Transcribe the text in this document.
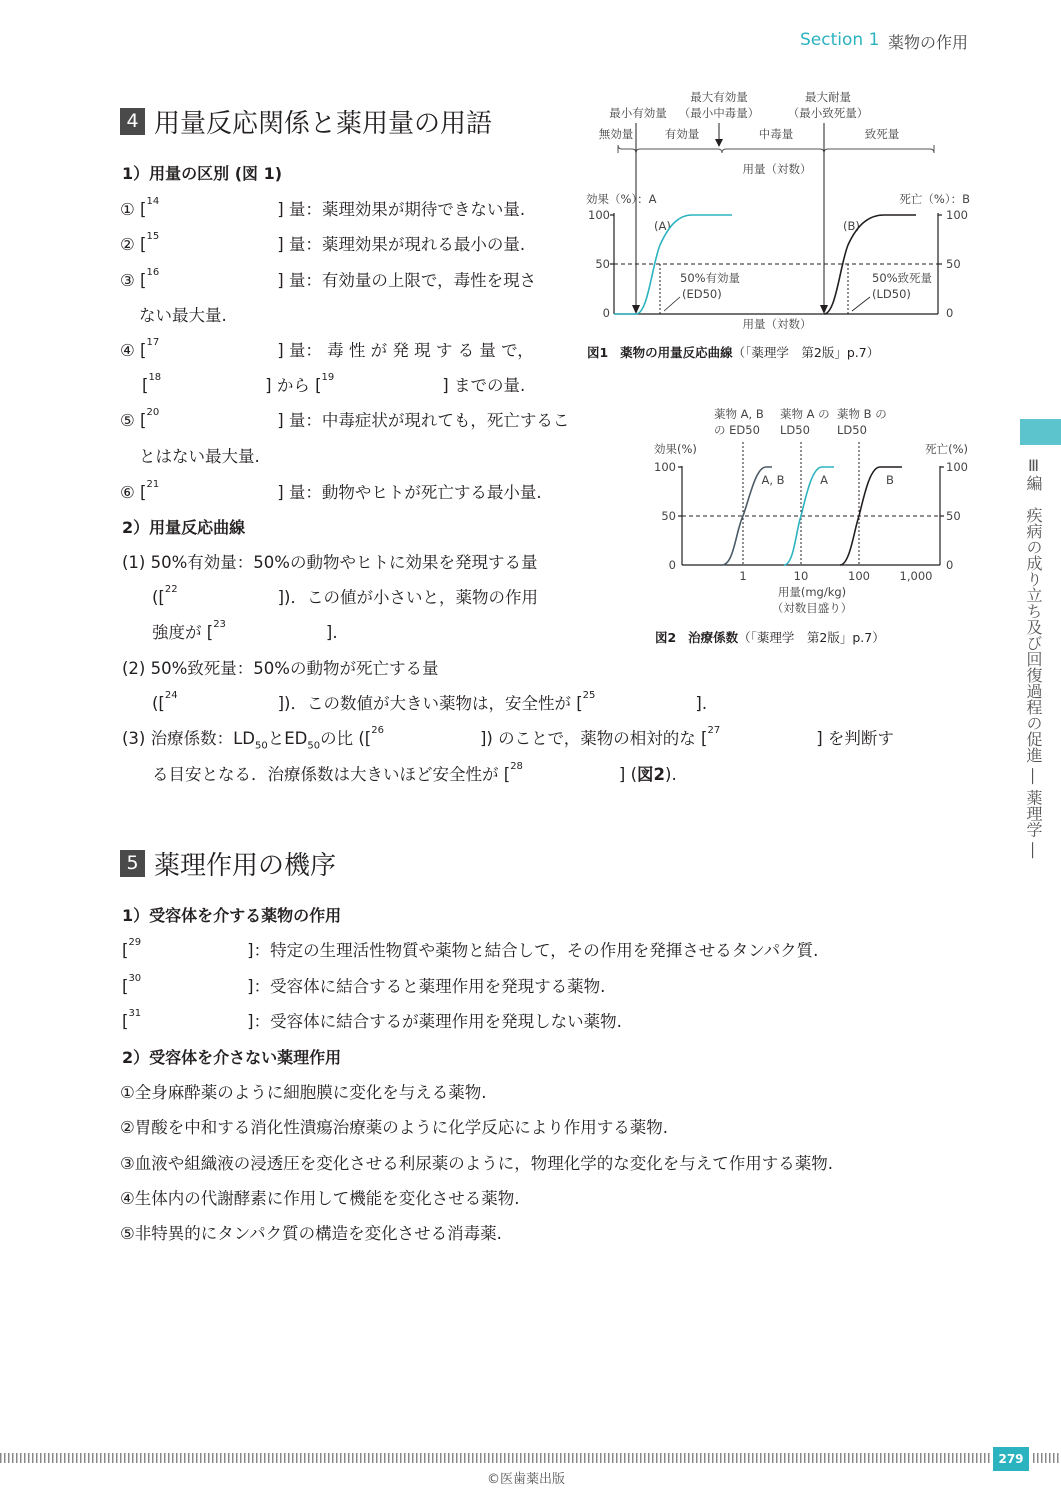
Section 1 薬物の作用
4 用量反応関係と薬用量の用語
1）用量の区別 (図 1)
① [$^{14}$	] 量：薬理効果が期待できない量.
② [$^{15}$	] 量：薬理効果が現れる最小の量.
③ [$^{16}$	] 量：有効量の上限で，毒性を現さ
ない最大量.
④ [$^{17}$	] 量： 毒 性 が 発 現 す る 量 で，
[$^{18}$	] から [$^{19}$	] までの量.
⑤ [$^{20}$	] 量：中毒症状が現れても，死亡するこ
とはない最大量.
⑥ [$^{21}$	] 量：動物やヒトが死亡する最小量.
2）用量反応曲線
(1) 50%有効量：50%の動物やヒトに効果を発現する量
([$^{22}$	])．この値が小さいと，薬物の作用
強度が [$^{23}$	].
(2) 50%致死量：50%の動物が死亡する量
([$^{24}$	])．この数値が大きい薬物は，安全性が [$^{25}$	].
(3) 治療係数：$LD_{50}$と$ED_{50}$の比 ([$^{26}$	]) のことで，薬物の相対的な [$^{27}$	] を判断す
る目安となる．治療係数は大きいほど安全性が [$^{28}$	] (図2).
最大有効量	最大耐量
最小有効量 （最小中毒量） （最小致死量）
無効量	有効量	中毒量	致死量
用量（対数）
効果（%）：A	死亡（%）：B
100
50
0
100
50
0
(A)	(B)
50%有効量
(ED50)
50%致死量
(LD50)
用量（対数）
図1 薬物の用量反応曲線（「薬理学　第2版」p.7）
薬物 A, B
の ED50
薬物 A の
LD50
薬物 B の
LD50
効果(%)	死亡(%)
100
50
0
100
50
0
1	10	100	1,000
用量(mg/kg)
（対数目盛り）
A, B	A	B
図2 治療係数（「薬理学　第2版」p.7）
5 薬理作用の機序
1）受容体を介する薬物の作用
[$^{29}$	]：特定の生理活性物質や薬物と結合して，その作用を発揮させるタンパク質.
[$^{30}$	]：受容体に結合すると薬理作用を発現する薬物.
[$^{31}$	]：受容体に結合するが薬理作用を発現しない薬物.
2）受容体を介さない薬理作用
①全身麻酔薬のように細胞膜に変化を与える薬物.
②胃酸を中和する消化性潰瘍治療薬のように化学反応により作用する薬物.
③血液や組織液の浸透圧を変化させる利尿薬のように，物理化学的な変化を与えて作用する薬物.
④生体内の代謝酵素に作用して機能を変化させる薬物.
⑤非特異的にタンパク質の構造を変化させる消毒薬.
Ⅲ編　疾病の成り立ち及び回復過程の促進 ― 薬理学 ―
279
©医歯薬出版
